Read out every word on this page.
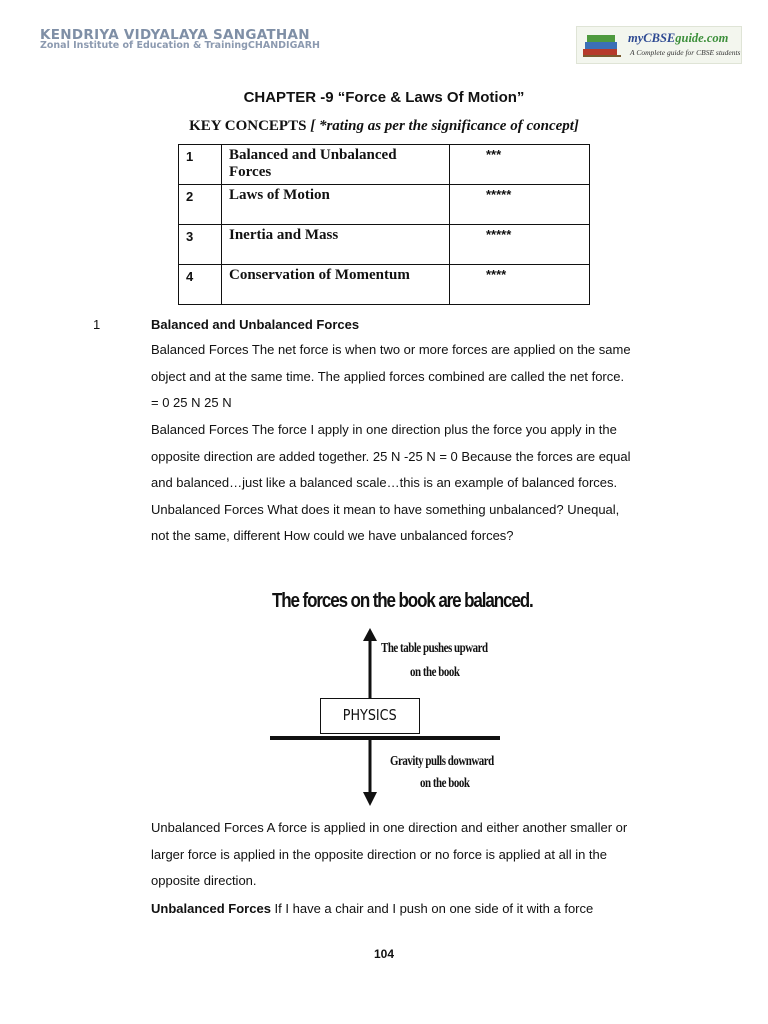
KENDRIYA VIDYALAYA SANGATHAN
Zonal Institute of Education & TrainingCHANDIGARH
myCBSEguide.com
A Complete guide for CBSE students
CHAPTER -9 “Force & Laws Of Motion”
KEY CONCEPTS [ *rating as per the significance of concept]
1	Balanced and Unbalanced Forces	***
2	Laws of Motion	*****
3	Inertia and Mass	*****
4	Conservation of Momentum	****
1	Balanced and Unbalanced Forces
Balanced Forces The net force is when two or more forces are applied on the same object and at the same time. The applied forces combined are called the net force. = 0 25 N 25 N
Balanced Forces The force I apply in one direction plus the force you apply in the opposite direction are added together. 25 N -25 N = 0 Because the forces are equal and balanced…just like a balanced scale…this is an example of balanced forces.  Unbalanced Forces What does it mean to have something unbalanced? Unequal, not the same, different How could we have unbalanced forces?
The forces on the book are balanced.
The table pushes upward
on the book
PHYSICS
Gravity pulls downward
on the book
Unbalanced Forces A force is applied in one direction and either another smaller or larger force is applied in the opposite direction or no force is applied at all in the opposite direction.
Unbalanced Forces If I have a chair and I push on one side of it with a force
104
